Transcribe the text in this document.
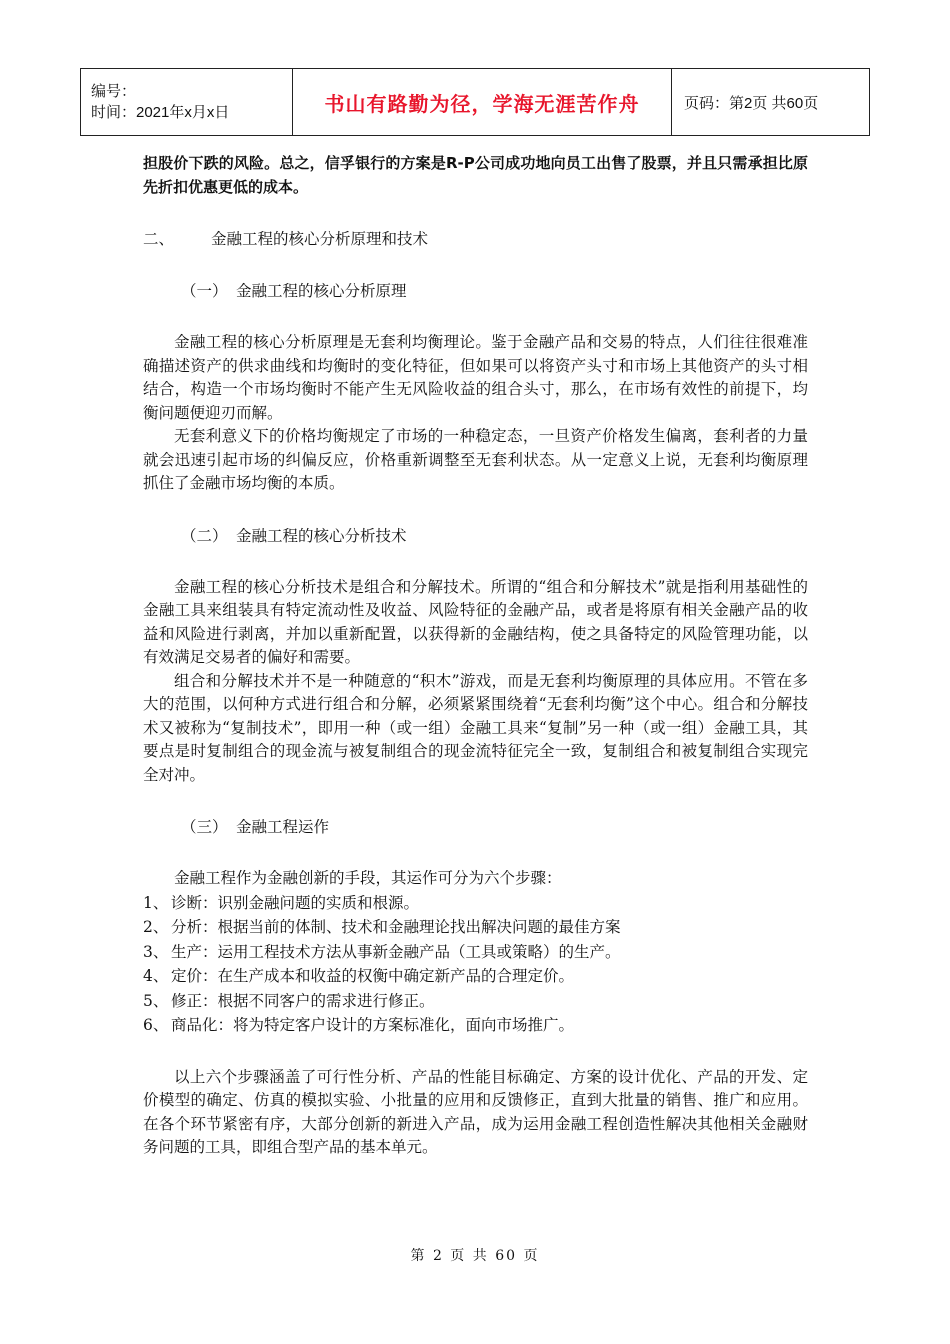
编号：
时间：2021年x月x日	书山有路勤为径，学海无涯苦作舟	页码：第2页 共60页

担股价下跌的风险。总之，信孚银行的方案是R-P公司成功地向员工出售了股票，并且只需承担比原先折扣优惠更低的成本。

二、 金融工程的核心分析原理和技术
（一） 金融工程的核心分析原理

金融工程的核心分析原理是无套利均衡理论。鉴于金融产品和交易的特点，人们往往很难准确描述资产的供求曲线和均衡时的变化特征，但如果可以将资产头寸和市场上其他资产的头寸相结合，构造一个市场均衡时不能产生无风险收益的组合头寸，那么，在市场有效性的前提下，均衡问题便迎刃而解。

无套利意义下的价格均衡规定了市场的一种稳定态，一旦资产价格发生偏离，套利者的力量就会迅速引起市场的纠偏反应，价格重新调整至无套利状态。从一定意义上说，无套利均衡原理抓住了金融市场均衡的本质。

（二） 金融工程的核心分析技术

金融工程的核心分析技术是组合和分解技术。所谓的“组合和分解技术”就是指利用基础性的金融工具来组装具有特定流动性及收益、风险特征的金融产品，或者是将原有相关金融产品的收益和风险进行剥离，并加以重新配置，以获得新的金融结构，使之具备特定的风险管理功能，以有效满足交易者的偏好和需要。

组合和分解技术并不是一种随意的“积木”游戏，而是无套利均衡原理的具体应用。不管在多大的范围，以何种方式进行组合和分解，必须紧紧围绕着“无套利均衡”这个中心。组合和分解技术又被称为“复制技术”，即用一种（或一组）金融工具来“复制”另一种（或一组）金融工具，其要点是时复制组合的现金流与被复制组合的现金流特征完全一致，复制组合和被复制组合实现完全对冲。

（三） 金融工程运作

金融工程作为金融创新的手段，其运作可分为六个步骤：

1、 诊断：识别金融问题的实质和根源。
2、 分析：根据当前的体制、技术和金融理论找出解决问题的最佳方案
3、 生产：运用工程技术方法从事新金融产品（工具或策略）的生产。
4、 定价：在生产成本和收益的权衡中确定新产品的合理定价。
5、 修正：根据不同客户的需求进行修正。
6、 商品化：将为特定客户设计的方案标准化，面向市场推广。

以上六个步骤涵盖了可行性分析、产品的性能目标确定、方案的设计优化、产品的开发、定价模型的确定、仿真的模拟实验、小批量的应用和反馈修正，直到大批量的销售、推广和应用。在各个环节紧密有序，大部分创新的新进入产品，成为运用金融工程创造性解决其他相关金融财务问题的工具，即组合型产品的基本单元。

第 2 页 共 60 页
